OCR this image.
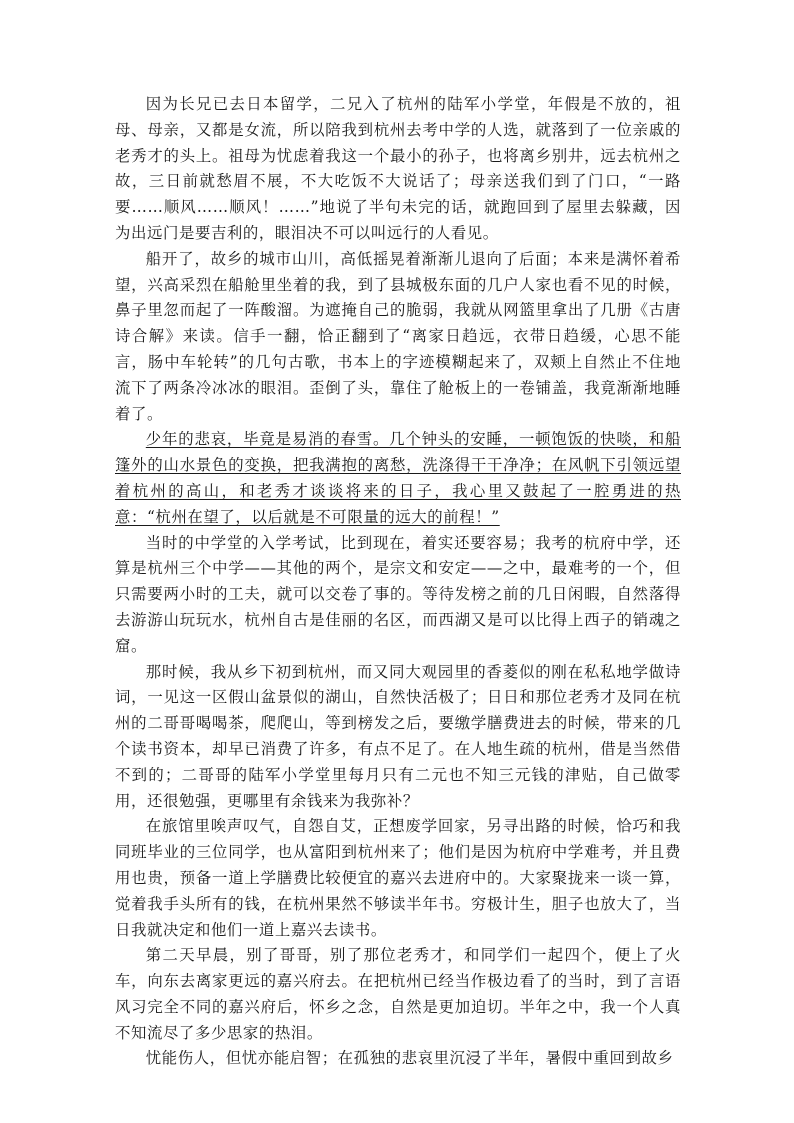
因为长兄已去日本留学，二兄入了杭州的陆军小学堂，年假是不放的，祖母、母亲，又都是女流，所以陪我到杭州去考中学的人选，就落到了一位亲戚的老秀才的头上。祖母为忧虑着我这一个最小的孙子，也将离乡别井，远去杭州之故，三日前就愁眉不展，不大吃饭不大说话了；母亲送我们到了门口，“一路要……顺风……顺风！……”地说了半句未完的话，就跑回到了屋里去躲藏，因为出远门是要吉利的，眼泪决不可以叫远行的人看见。

船开了，故乡的城市山川，高低摇晃着渐渐儿退向了后面；本来是满怀着希望，兴高采烈在船舱里坐着的我，到了县城极东面的几户人家也看不见的时候，鼻子里忽而起了一阵酸溜。为遮掩自己的脆弱，我就从网篮里拿出了几册《古唐诗合解》来读。信手一翻，恰正翻到了“离家日趋远，衣带日趋缓，心思不能言，肠中车轮转”的几句古歌，书本上的字迹模糊起来了，双颊上自然止不住地流下了两条冷冰冰的眼泪。歪倒了头，靠住了舱板上的一卷铺盖，我竟渐渐地睡着了。

少年的悲哀，毕竟是易消的春雪。几个钟头的安睡，一顿饱饭的快啖，和船篷外的山水景色的变换，把我满抱的离愁，洗涤得干干净净；在风帆下引领远望着杭州的高山，和老秀才谈谈将来的日子，我心里又鼓起了一腔勇进的热意：“杭州在望了，以后就是不可限量的远大的前程！”

当时的中学堂的入学考试，比到现在，着实还要容易；我考的杭府中学，还算是杭州三个中学——其他的两个，是宗文和安定——之中，最难考的一个，但只需要两小时的工夫，就可以交卷了事的。等待发榜之前的几日闲暇，自然落得去游游山玩玩水，杭州自古是佳丽的名区，而西湖又是可以比得上西子的销魂之窟。

那时候，我从乡下初到杭州，而又同大观园里的香菱似的刚在私私地学做诗词，一见这一区假山盆景似的湖山，自然快活极了；日日和那位老秀才及同在杭州的二哥哥喝喝茶，爬爬山，等到榜发之后，要缴学膳费进去的时候，带来的几个读书资本，却早已消费了许多，有点不足了。在人地生疏的杭州，借是当然借不到的；二哥哥的陆军小学堂里每月只有二元也不知三元钱的津贴，自己做零用，还很勉强，更哪里有余钱来为我弥补？

在旅馆里唉声叹气，自怨自艾，正想废学回家，另寻出路的时候，恰巧和我同班毕业的三位同学，也从富阳到杭州来了；他们是因为杭府中学难考，并且费用也贵，预备一道上学膳费比较便宜的嘉兴去进府中的。大家聚拢来一谈一算，觉着我手头所有的钱，在杭州果然不够读半年书。穷极计生，胆子也放大了，当日我就决定和他们一道上嘉兴去读书。

第二天早晨，别了哥哥，别了那位老秀才，和同学们一起四个，便上了火车，向东去离家更远的嘉兴府去。在把杭州已经当作极边看了的当时，到了言语风习完全不同的嘉兴府后，怀乡之念，自然是更加迫切。半年之中，我一个人真不知流尽了多少思家的热泪。

忧能伤人，但忧亦能启智；在孤独的悲哀里沉浸了半年，暑假中重回到故乡
